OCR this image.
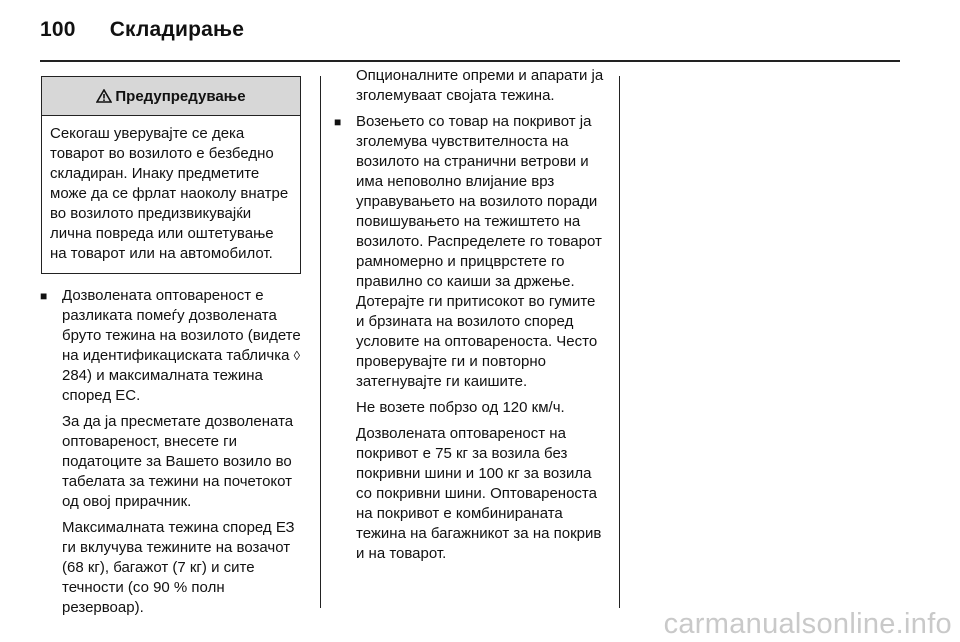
100 Складирање
Предупредување
Секогаш уверувајте се дека товарот во возилото е безбедно складиран. Инаку предметите може да се фрлат наоколу внатре во возилото предизвикувајќи лична повреда или оштетување на товарот или на автомобилот.
■ Дозволената оптовареност е разликата помеѓу дозволената бруто тежина на возилото (видете на идентификациската табличка ◊ 284) и максималната тежина според ЕС.

За да ја пресметате дозволената оптовареност, внесете ги податоците за Вашето возило во табелата за тежини на почетокот од овој прирачник.

Максималната тежина според ЕЗ ги вклучува тежините на возачот (68 кг), багажот (7 кг) и сите течности (со 90 % полн резервоар).

Опционалните опреми и апарати ја зголемуваат својата тежина.

■ Возењето со товар на покривот ја зголемува чувствителноста на возилото на странични ветрови и има неповолно влијание врз управувањето на возилото поради повишувањето на тежиштето на возилото. Распределете го товарот рамномерно и прицврстете го правилно со каиши за држење. Дотерајте ги притисокот во гумите и брзината на возилото според условите на оптовареноста. Често проверувајте ги и повторно затегнувајте ги каишите.

Не возете побрзо од 120 км/ч.

Дозволената оптовареност на покривот е 75 кг за возила без покривни шини и 100 кг за возила со покривни шини. Оптовареноста на покривот е комбинираната тежина на багажникот за на покрив и на товарот.

carmanualsonline.info
